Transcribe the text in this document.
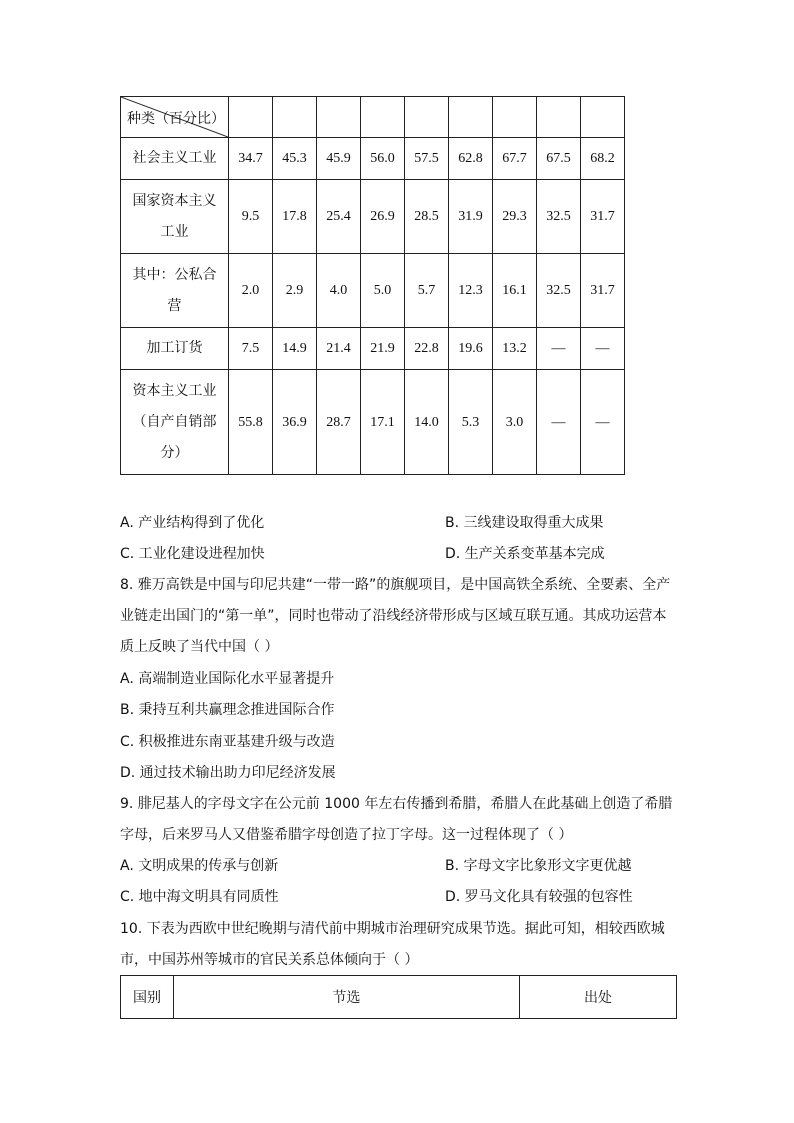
种类（百分比）									
社会主义工业	34.7	45.3	45.9	56.0	57.5	62.8	67.7	67.5	68.2
国家资本主义工业	9.5	17.8	25.4	26.9	28.5	31.9	29.3	32.5	31.7
其中：公私合营	2.0	2.9	4.0	5.0	5.7	12.3	16.1	32.5	31.7
加工订货	7.5	14.9	21.4	21.9	22.8	19.6	13.2	—	—
资本主义工业（自产自销部分）	55.8	36.9	28.7	17.1	14.0	5.3	3.0	—	—
A. 产业结构得到了优化	B. 三线建设取得重大成果
C. 工业化建设进程加快	D. 生产关系变革基本完成
8. 雅万高铁是中国与印尼共建“一带一路”的旗舰项目，是中国高铁全系统、全要素、全产
业链走出国门的“第一单”，同时也带动了沿线经济带形成与区域互联互通。其成功运营本
质上反映了当代中国（ ）
A. 高端制造业国际化水平显著提升
B. 秉持互利共赢理念推进国际合作
C. 积极推进东南亚基建升级与改造
D. 通过技术输出助力印尼经济发展
9. 腓尼基人的字母文字在公元前 1000 年左右传播到希腊，希腊人在此基础上创造了希腊
字母，后来罗马人又借鉴希腊字母创造了拉丁字母。这一过程体现了（ ）
A. 文明成果的传承与创新	B. 字母文字比象形文字更优越
C. 地中海文明具有同质性	D. 罗马文化具有较强的包容性
10. 下表为西欧中世纪晚期与清代前中期城市治理研究成果节选。据此可知，相较西欧城
市，中国苏州等城市的官民关系总体倾向于（ ）
国别	节选	出处
